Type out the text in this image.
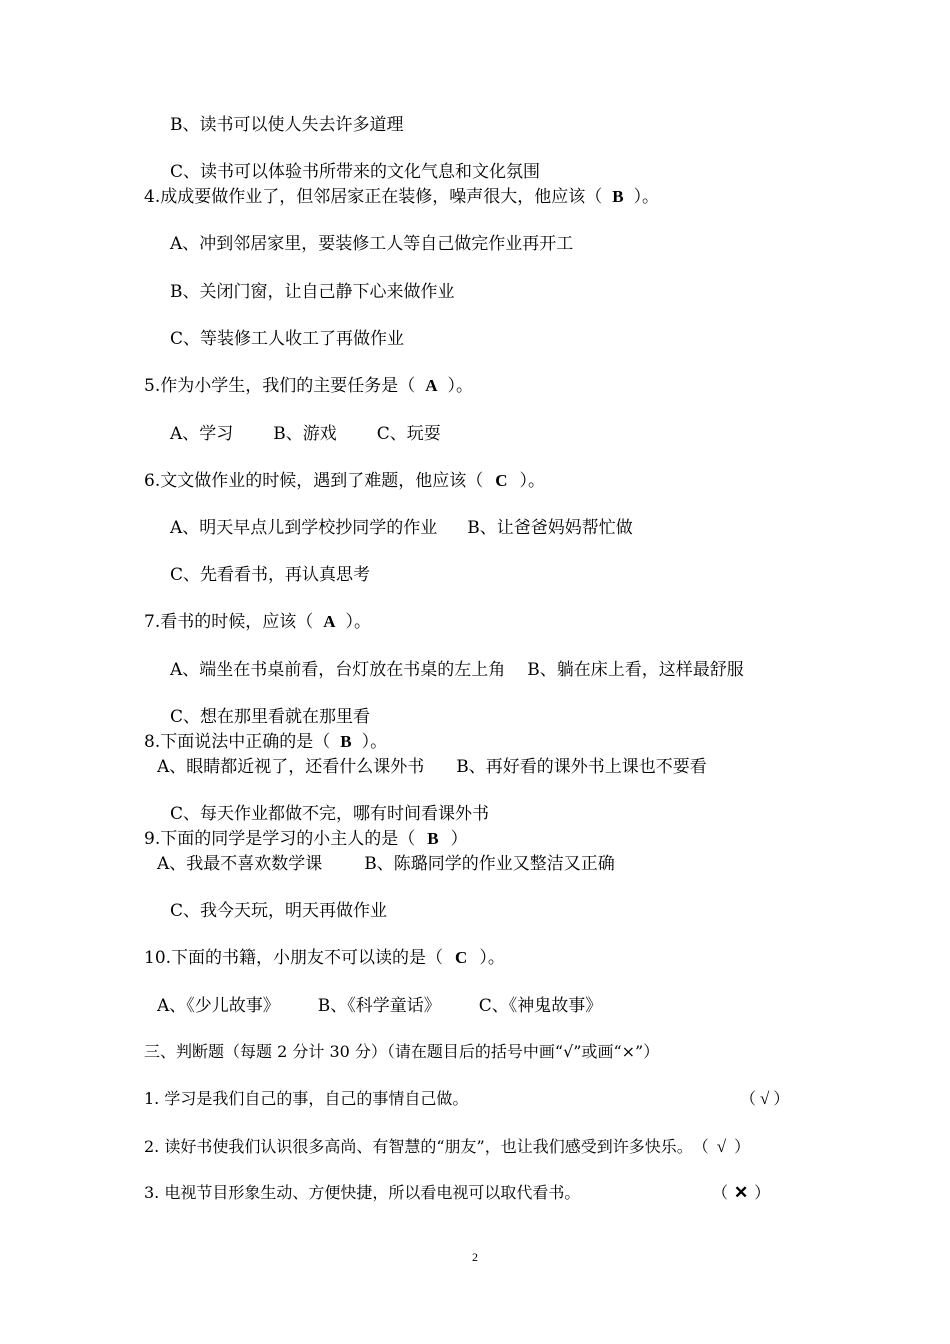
B、读书可以使人失去许多道理
C、读书可以体验书所带来的文化气息和文化氛围
4.成成要做作业了，但邻居家正在装修，噪声很大，他应该（ B ）。
A、冲到邻居家里，要装修工人等自己做完作业再开工
B、关闭门窗，让自己静下心来做作业
C、等装修工人收工了再做作业
5.作为小学生，我们的主要任务是（ A ）。
A、学习 B、游戏 C、玩耍
6.文文做作业的时候，遇到了难题，他应该（ C ）。
A、明天早点儿到学校抄同学的作业 B、让爸爸妈妈帮忙做
C、先看看书，再认真思考
7.看书的时候，应该（ A ）。
A、端坐在书桌前看，台灯放在书桌的左上角 B、躺在床上看，这样最舒服
C、想在那里看就在那里看
8.下面说法中正确的是（ B ）。
A、眼睛都近视了，还看什么课外书 B、再好看的课外书上课也不要看
C、每天作业都做不完，哪有时间看课外书
9.下面的同学是学习的小主人的是（ B ）
A、我最不喜欢数学课 B、陈璐同学的作业又整洁又正确
C、我今天玩，明天再做作业
10.下面的书籍，小朋友不可以读的是（ C ）。
A、《少儿故事》 B、《科学童话》 C、《神鬼故事》
三、判断题（每题 2 分计 30 分）（请在题目后的括号中画“√”或画“×”）
1. 学习是我们自己的事，自己的事情自己做。	（ √ ）
2. 读好书使我们认识很多高尚、有智慧的“朋友”，也让我们感受到许多快乐。（ √ ）
3. 电视节目形象生动、方便快捷，所以看电视可以取代看书。	（ ✕ ）
2
